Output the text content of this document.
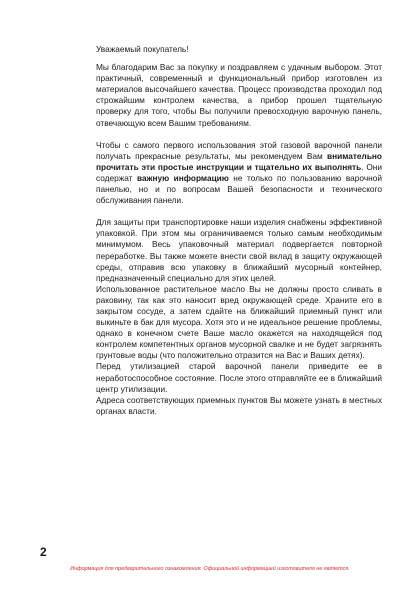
Уважаемый покупатель!

Мы благодарим Вас за покупку и поздравляем с удачным выбором. Этот практичный, современный и функциональный прибор изготовлен из материалов высочайшего качества. Процесс производства проходил под строжайшим контролем качества, а прибор прошел тщательную проверку для того, чтобы Вы получили превосходную варочную панель, отвечающую всем Вашим требованиям.

Чтобы с самого первого использования этой газовой варочной панели получать прекрасные результаты, мы рекомендуем Вам внимательно прочитать эти простые инструкции и тщательно их выполнять. Они содержат важную информацию не только по пользованию варочной панелью, но и по вопросам Вашей безопасности и технического обслуживания панели.

Для защиты при транспортировке наши изделия снабжены эффективной упаковкой. При этом мы ограничиваемся только самым необходимым минимумом. Весь упаковочный материал подвергается повторной переработке. Вы также можете внести свой вклад в защиту окружающей среды, отправив всю упаковку в ближайший мусорный контейнер, предназначенный специально для этих целей.

Использованное растительное масло Вы не должны просто сливать в раковину, так как это наносит вред окружающей среде. Храните его в закрытом сосуде, а затем сдайте на ближайший приемный пункт или выкиньте в бак для мусора. Хотя это и не идеальное решение проблемы, однако в конечном счете Ваше масло окажется на находящейся под контролем компетентных органов мусорной свалке и не будет загрязнять грунтовые воды (что положительно отразится на Вас и Ваших детях).

Перед утилизацией старой варочной панели приведите ее в неработоспособное состояние. После этого отправляйте ее в ближайший центр утилизации.

Адреса соответствующих приемных пунктов Вы можете узнать в местных органах власти.

2
Информация для предварительного ознакомления. Официальной информацией изготовителя не является.
